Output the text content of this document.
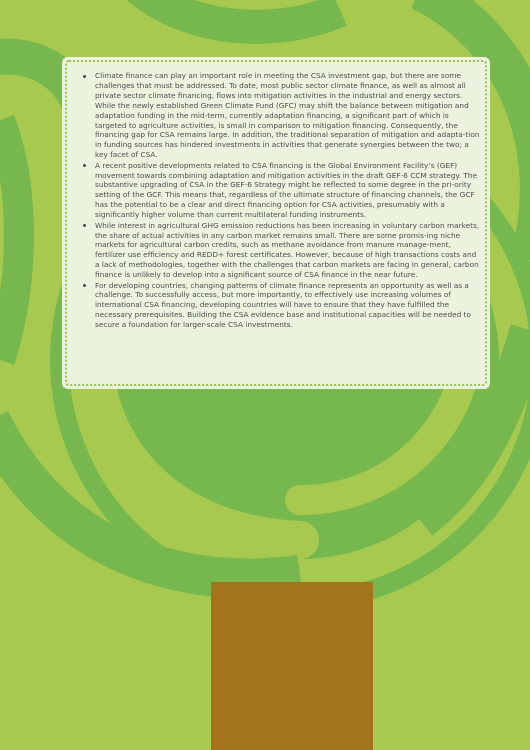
Climate finance can play an important role in meeting the CSA investment gap, but there are some challenges that must be addressed. To date, most public sector climate finance, as well as almost all private sector climate financing, flows into mitigation activities in the industrial and energy sectors. While the newly established Green Climate Fund (GFC) may shift the balance between mitigation and adaptation funding in the mid-term, currently adaptation financing, a significant part of which is targeted to agriculture activities, is small in comparison to mitigation financing. Consequently, the financing gap for CSA remains large. In addition, the traditional separation of mitigation and adapta-tion in funding sources has hindered investments in activities that generate synergies between the two; a key facet of CSA.
A recent positive developments related to CSA financing is the Global Environment Facility’s (GEF) movement towards combining adaptation and mitigation activities in the draft GEF-6 CCM strategy. The substantive upgrading of CSA in the GEF-6 Strategy might be reflected to some degree in the pri-ority setting of the GCF. This means that, regardless of the ultimate structure of financing channels, the GCF has the potential to be a clear and direct financing option for CSA activities, presumably with a significantly higher volume than current multilateral funding instruments.
While interest in agricultural GHG emission reductions has been increasing in voluntary carbon markets, the share of actual activities in any carbon market remains small. There are some promis-ing niche markets for agricultural carbon credits, such as methane avoidance from manure manage-ment, fertilizer use efficiency and REDD+ forest certificates. However, because of high transactions costs and a lack of methodologies, together with the challenges that carbon markets are facing in general, carbon finance is unlikely to develop into a significant source of CSA finance in the near future.
For developing countries, changing patterns of climate finance represents an opportunity as well as a challenge. To successfully access, but more importantly, to effectively use increasing volumes of international CSA financing, developing countries will have to ensure that they have fulfilled the necessary prerequisites. Building the CSA evidence base and institutional capacities will be needed to secure a foundation for larger-scale CSA investments.
